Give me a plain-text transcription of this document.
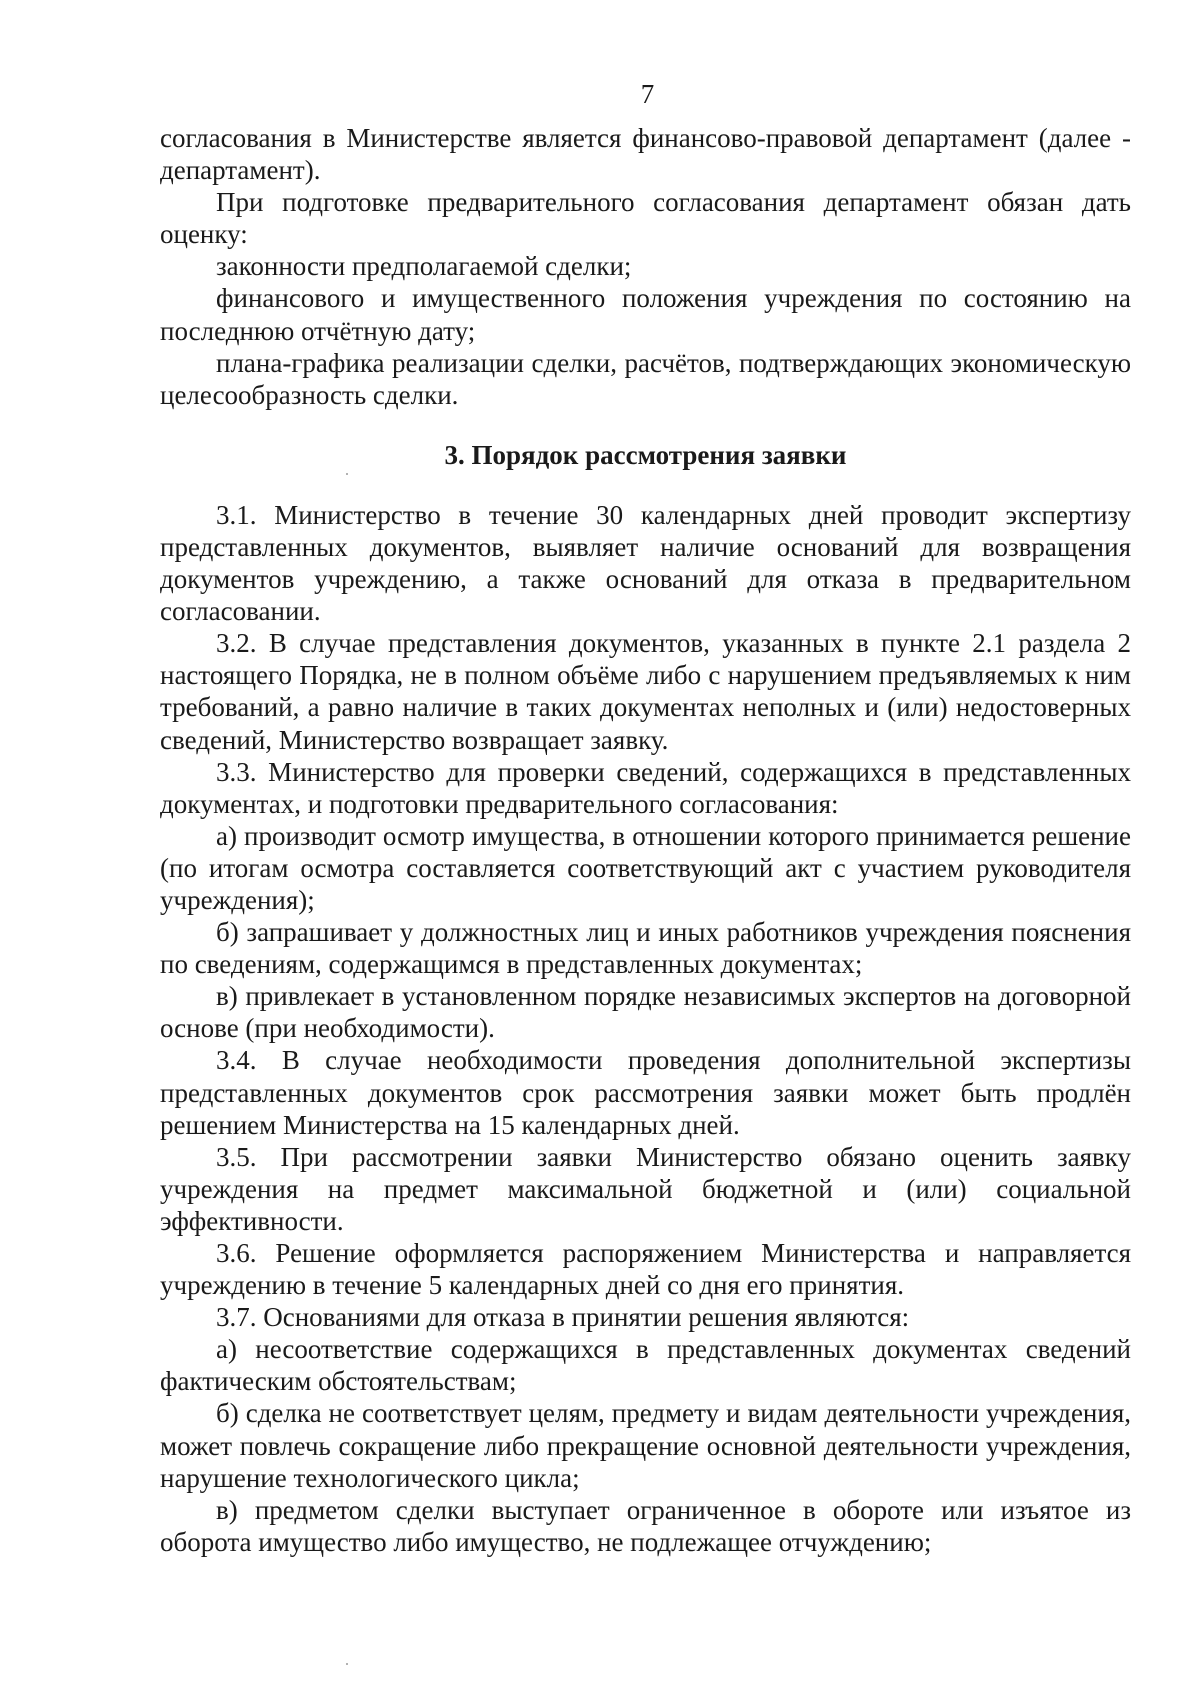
7

согласования в Министерстве является финансово-правовой департамент (далее - департамент).

При подготовке предварительного согласования департамент обязан дать оценку:

законности предполагаемой сделки;

финансового и имущественного положения учреждения по состоянию на последнюю отчётную дату;

плана-графика реализации сделки, расчётов, подтверждающих экономическую целесообразность сделки.

3. Порядок рассмотрения заявки

3.1. Министерство в течение 30 календарных дней проводит экспертизу представленных документов, выявляет наличие оснований для возвращения документов учреждению, а также оснований для отказа в предварительном согласовании.

3.2. В случае представления документов, указанных в пункте 2.1 раздела 2 настоящего Порядка, не в полном объёме либо с нарушением предъявляемых к ним требований, а равно наличие в таких документах неполных и (или) недостоверных сведений, Министерство возвращает заявку.

3.3. Министерство для проверки сведений, содержащихся в представленных документах, и подготовки предварительного согласования:

а) производит осмотр имущества, в отношении которого принимается решение (по итогам осмотра составляется соответствующий акт с участием руководителя учреждения);

б) запрашивает у должностных лиц и иных работников учреждения пояснения по сведениям, содержащимся в представленных документах;

в) привлекает в установленном порядке независимых экспертов на договорной основе (при необходимости).

3.4. В случае необходимости проведения дополнительной экспертизы представленных документов срок рассмотрения заявки может быть продлён решением Министерства на 15 календарных дней.

3.5. При рассмотрении заявки Министерство обязано оценить заявку учреждения на предмет максимальной бюджетной и (или) социальной эффективности.

3.6. Решение оформляется распоряжением Министерства и направляется учреждению в течение 5 календарных дней со дня его принятия.

3.7. Основаниями для отказа в принятии решения являются:

а) несоответствие содержащихся в представленных документах сведений фактическим обстоятельствам;

б) сделка не соответствует целям, предмету и видам деятельности учреждения, может повлечь сокращение либо прекращение основной деятельности учреждения, нарушение технологического цикла;

в) предметом сделки выступает ограниченное в обороте или изъятое из оборота имущество либо имущество, не подлежащее отчуждению;
